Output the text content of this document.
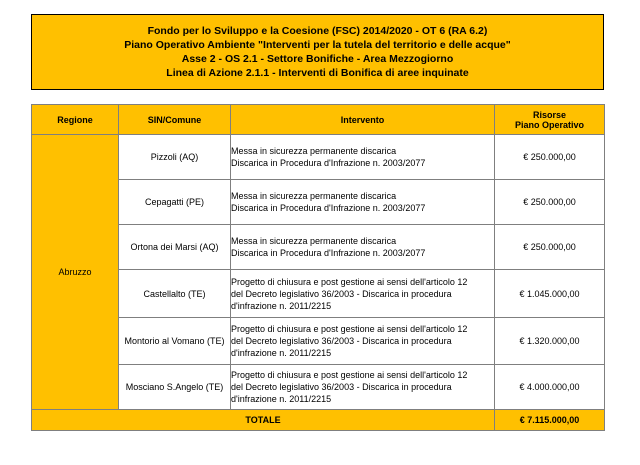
Fondo per lo Sviluppo e la Coesione (FSC) 2014/2020 - OT 6 (RA 6.2)
Piano Operativo Ambiente "Interventi per la tutela del territorio e delle acque"
Asse 2 - OS 2.1 - Settore Bonifiche - Area Mezzogiorno
Linea di Azione 2.1.1 - Interventi di Bonifica di aree inquinate
Regione	SIN/Comune	Intervento	Risorse
Piano Operativo

Abruzzo	Pizzoli (AQ)	Messa in sicurezza permanente discarica
Discarica in Procedura d'Infrazione n. 2003/2077	€ 250.000,00
	Cepagatti (PE)	Messa in sicurezza permanente discarica
Discarica in Procedura d'Infrazione n. 2003/2077	€ 250.000,00
	Ortona dei Marsi (AQ)	Messa in sicurezza permanente discarica
Discarica in Procedura d'Infrazione n. 2003/2077	€ 250.000,00
	Castellalto (TE)	Progetto di chiusura e post gestione ai sensi dell'articolo 12
del Decreto legislativo 36/2003 - Discarica in procedura
d'infrazione n. 2011/2215	€ 1.045.000,00
	Montorio al Vomano (TE)	Progetto di chiusura e post gestione ai sensi dell'articolo 12
del Decreto legislativo 36/2003 - Discarica in procedura
d'infrazione n. 2011/2215	€ 1.320.000,00
	Mosciano S.Angelo (TE)	Progetto di chiusura e post gestione ai sensi dell'articolo 12
del Decreto legislativo 36/2003 - Discarica in procedura
d'infrazione n. 2011/2215	€ 4.000.000,00
TOTALE			€ 7.115.000,00
